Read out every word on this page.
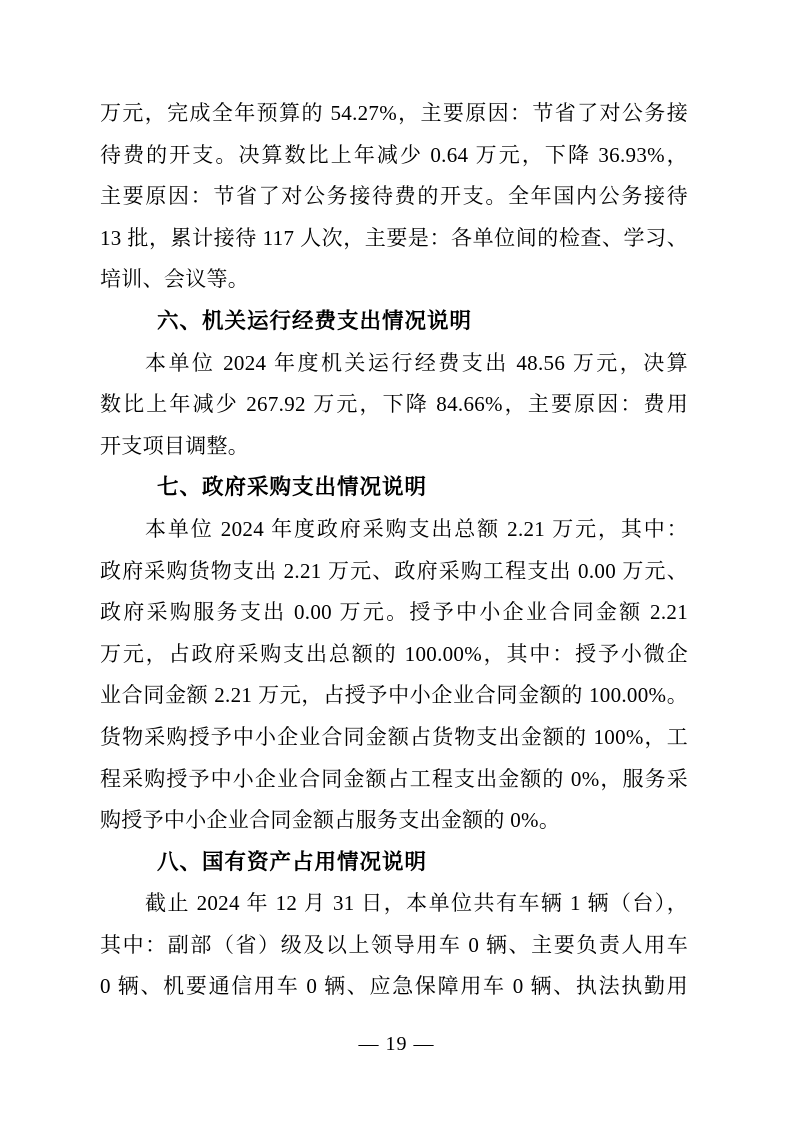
万元，完成全年预算的 54.27%，主要原因：节省了对公务接
待费的开支。决算数比上年减少 0.64 万元，下降 36.93%，
主要原因：节省了对公务接待费的开支。全年国内公务接待
13 批，累计接待 117 人次，主要是：各单位间的检查、学习、
培训、会议等。
六、机关运行经费支出情况说明
本单位 2024 年度机关运行经费支出 48.56 万元，决算
数比上年减少 267.92 万元，下降 84.66%，主要原因：费用
开支项目调整。
七、政府采购支出情况说明
本单位 2024 年度政府采购支出总额 2.21 万元，其中：
政府采购货物支出 2.21 万元、政府采购工程支出 0.00 万元、
政府采购服务支出 0.00 万元。授予中小企业合同金额 2.21
万元，占政府采购支出总额的 100.00%，其中：授予小微企
业合同金额 2.21 万元，占授予中小企业合同金额的 100.00%。
货物采购授予中小企业合同金额占货物支出金额的 100%，工
程采购授予中小企业合同金额占工程支出金额的 0%，服务采
购授予中小企业合同金额占服务支出金额的 0%。
八、国有资产占用情况说明
截止 2024 年 12 月 31 日，本单位共有车辆 1 辆（台），
其中：副部（省）级及以上领导用车 0 辆、主要负责人用车
0 辆、机要通信用车 0 辆、应急保障用车 0 辆、执法执勤用
— 19 —
